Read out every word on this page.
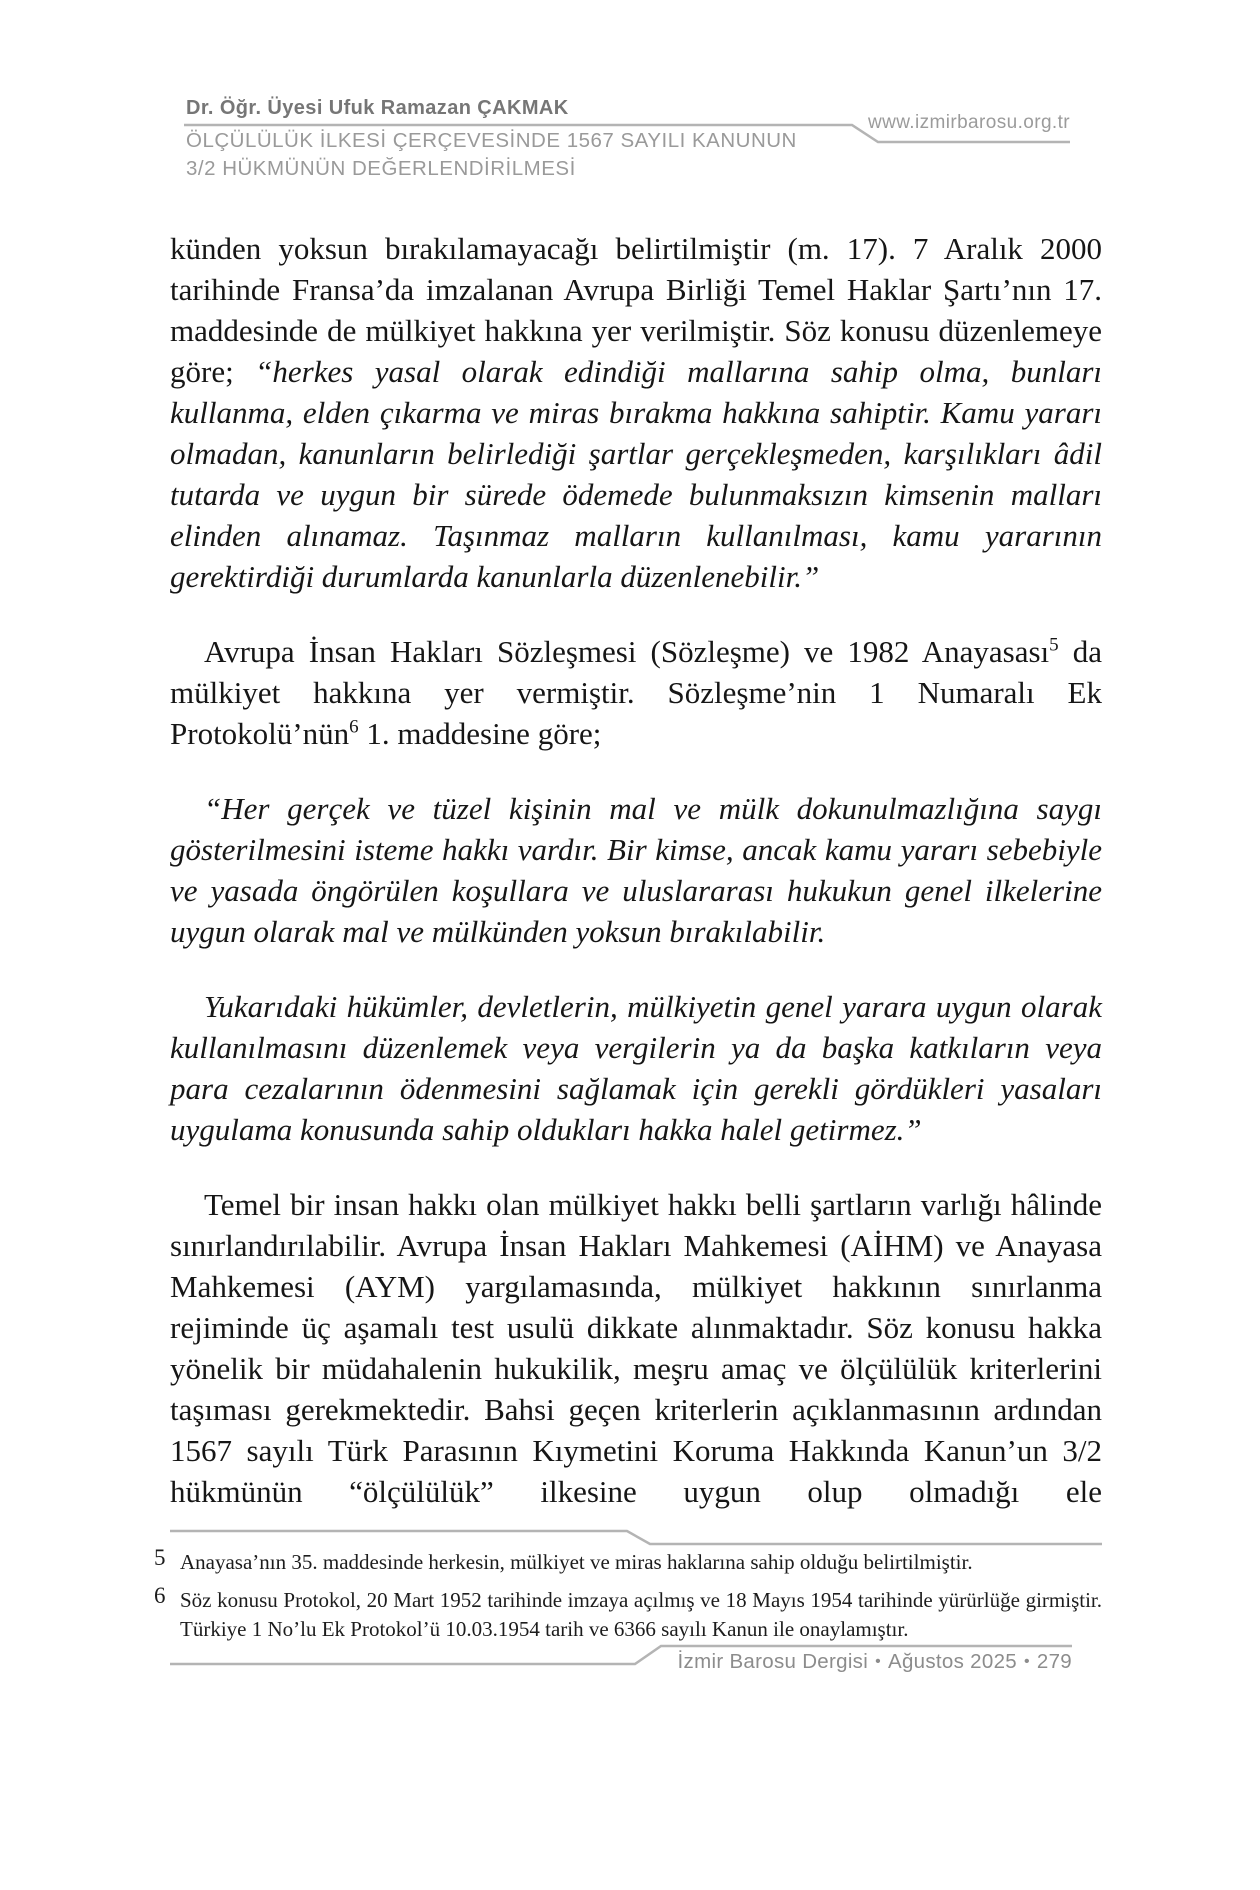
Dr. Öğr. Üyesi Ufuk Ramazan ÇAKMAK
www.izmirbarosu.org.tr
ÖLÇÜLÜLÜK İLKESİ ÇERÇEVESİNDE 1567 SAYILI KANUNUN
3/2 HÜKMÜNÜN DEĞERLENDİRİLMESİ

künden yoksun bırakılamayacağı belirtilmiştir (m. 17). 7 Aralık 2000 tarihinde Fransa’da imzalanan Avrupa Birliği Temel Haklar Şartı’nın 17. maddesinde de mülkiyet hakkına yer verilmiştir. Söz konusu düzenlemeye göre; “herkes yasal olarak edindiği mallarına sahip olma, bunları kullanma, elden çıkarma ve miras bırakma hakkına sahiptir. Kamu yararı olmadan, kanunların belirlediği şartlar gerçekleşmeden, karşılıkları âdil tutarda ve uygun bir sürede ödemede bulunmaksızın kimsenin malları elinden alınamaz. Taşınmaz malların kullanılması, kamu yararının gerektirdiği durumlarda kanunlarla düzenlenebilir.”

Avrupa İnsan Hakları Sözleşmesi (Sözleşme) ve 1982 Anayasası$^5$ da mülkiyet hakkına yer vermiştir. Sözleşme’nin 1 Numaralı Ek Protokolü’nün$^6$ 1. maddesine göre;

“Her gerçek ve tüzel kişinin mal ve mülk dokunulmazlığına saygı gösterilmesini isteme hakkı vardır. Bir kimse, ancak kamu yararı sebebiyle ve yasada öngörülen koşullara ve uluslararası hukukun genel ilkelerine uygun olarak mal ve mülkünden yoksun bırakılabilir.

Yukarıdaki hükümler, devletlerin, mülkiyetin genel yarara uygun olarak kullanılmasını düzenlemek veya vergilerin ya da başka katkıların veya para cezalarının ödenmesini sağlamak için gerekli gördükleri yasaları uygulama konusunda sahip oldukları hakka halel getirmez.”

Temel bir insan hakkı olan mülkiyet hakkı belli şartların varlığı hâlinde sınırlandırılabilir. Avrupa İnsan Hakları Mahkemesi (AİHM) ve Anayasa Mahkemesi (AYM) yargılamasında, mülkiyet hakkının sınırlanma rejiminde üç aşamalı test usulü dikkate alınmaktadır. Söz konusu hakka yönelik bir müdahalenin hukukilik, meşru amaç ve ölçülülük kriterlerini taşıması gerekmektedir. Bahsi geçen kriterlerin açıklanmasının ardından 1567 sayılı Türk Parasının Kıymetini Koruma Hakkında Kanun’un 3/2 hükmünün “ölçülülük” ilkesine uygun olup olmadığı ele

5 Anayasa’nın 35. maddesinde herkesin, mülkiyet ve miras haklarına sahip olduğu belirtilmiştir.
6 Söz konusu Protokol, 20 Mart 1952 tarihinde imzaya açılmış ve 18 Mayıs 1954 tarihinde yürürlüğe girmiştir. Türkiye 1 No’lu Ek Protokol’ü 10.03.1954 tarih ve 6366 sayılı Kanun ile onaylamıştır.
İzmir Barosu Dergisi • Ağustos 2025 • 279
